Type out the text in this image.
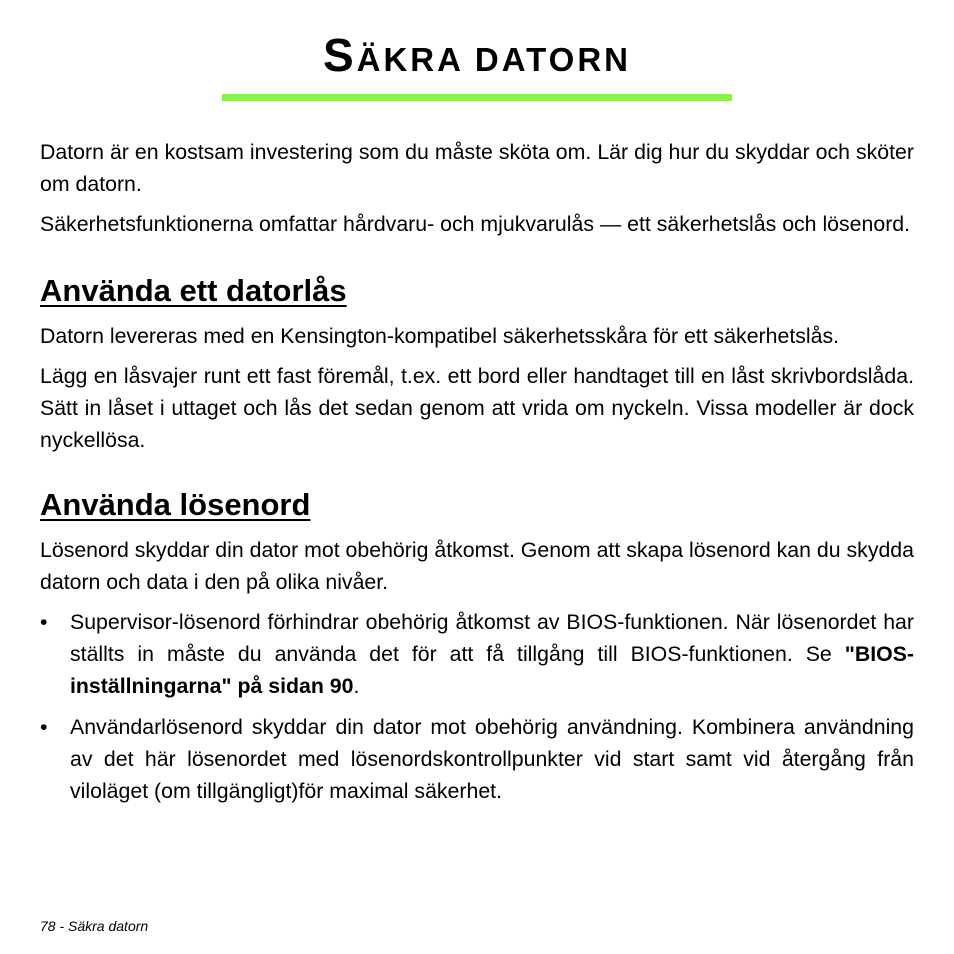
SÄKRA DATORN

Datorn är en kostsam investering som du måste sköta om. Lär dig hur du skyddar och sköter om datorn.

Säkerhetsfunktionerna omfattar hårdvaru- och mjukvarulås — ett säkerhetslås och lösenord.

Använda ett datorlås

Datorn levereras med en Kensington-kompatibel säkerhetsskåra för ett säkerhetslås.

Lägg en låsvajer runt ett fast föremål, t.ex. ett bord eller handtaget till en låst skrivbordslåda. Sätt in låset i uttaget och lås det sedan genom att vrida om nyckeln. Vissa modeller är dock nyckellösa.

Använda lösenord

Lösenord skyddar din dator mot obehörig åtkomst. Genom att skapa lösenord kan du skydda datorn och data i den på olika nivåer.

• Supervisor-lösenord förhindrar obehörig åtkomst av BIOS-funktionen. När lösenordet har ställts in måste du använda det för att få tillgång till BIOS-funktionen. Se "BIOS-inställningarna" på sidan 90.
• Användarlösenord skyddar din dator mot obehörig användning. Kombinera användning av det här lösenordet med lösenordskontrollpunkter vid start samt vid återgång från viloläget (om tillgängligt)för maximal säkerhet.
78 - Säkra datorn
